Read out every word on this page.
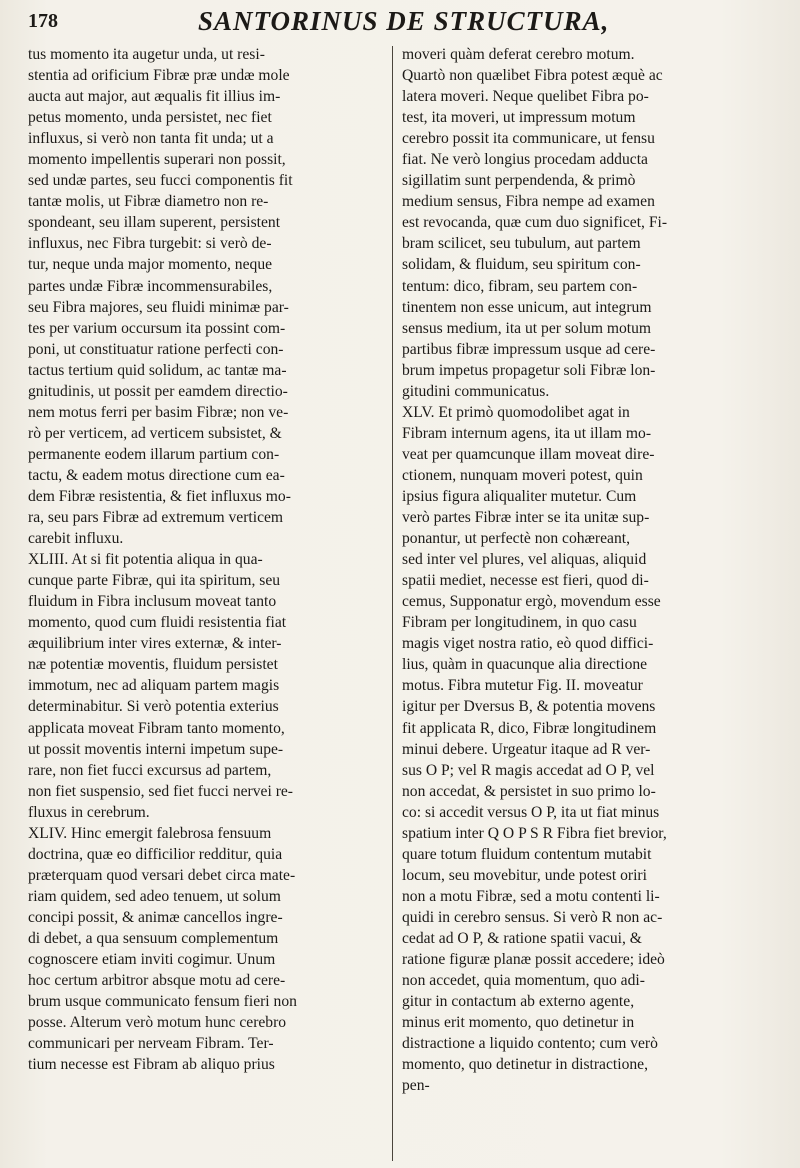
178	SANTORINUS DE STRUCTURA,
tus momento ita augetur unda, ut resi-
stentia ad orificium Fibræ præ undæ mole
aucta aut major, aut æqualis fit illius im-
petus momento, unda persistet, nec fiet
influxus, si verò non tanta fit unda; ut a
momento impellentis superari non possit,
sed undæ partes, seu fucci componentis fit
tantæ molis, ut Fibræ diametro non re-
spondeant, seu illam superent, persistent
influxus, nec Fibra turgebit: si verò de-
tur, neque unda major momento, neque
partes undæ Fibræ incommensurabiles,
seu Fibra majores, seu fluidi minimæ par-
tes per varium occursum ita possint com-
poni, ut constituatur ratione perfecti con-
tactus tertium quid solidum, ac tantæ ma-
gnitudinis, ut possit per eamdem directio-
nem motus ferri per basim Fibræ; non ve-
rò per verticem, ad verticem subsistet, &
permanente eodem illarum partium con-
tactu, & eadem motus directione cum ea-
dem Fibræ resistentia, & fiet influxus mo-
ra, seu pars Fibræ ad extremum verticem
carebit influxu.
XLIII. At si fit potentia aliqua in qua-
cunque parte Fibræ, qui ita spiritum, seu
fluidum in Fibra inclusum moveat tanto
momento, quod cum fluidi resistentia fiat
æquilibrium inter vires externæ, & inter-
næ potentiæ moventis, fluidum persistet
immotum, nec ad aliquam partem magis
determinabitur. Si verò potentia exterius
applicata moveat Fibram tanto momento,
ut possit moventis interni impetum supe-
rare, non fiet fucci excursus ad partem,
non fiet suspensio, sed fiet fucci nervei re-
fluxus in cerebrum.
XLIV. Hinc emergit falebrosa fensuum
doctrina, quæ eo difficilior redditur, quia
præterquam quod versari debet circa mate-
riam quidem, sed adeo tenuem, ut solum
concipi possit, & animæ cancellos ingre-
di debet, a qua sensuum complementum
cognoscere etiam inviti cogimur. Unum
hoc certum arbitror absque motu ad cere-
brum usque communicato fensum fieri non
posse. Alterum verò motum hunc cerebro
communicari per nerveam Fibram. Ter-
tium necesse est Fibram ab aliquo prius
moveri quàm deferat cerebro motum.
Quartò non quælibet Fibra potest æquè ac
latera moveri. Neque quelibet Fibra po-
test, ita moveri, ut impressum motum
cerebro possit ita communicare, ut fensu
fiat. Ne verò longius procedam adducta
sigillatim sunt perpendenda, & primò
medium sensus, Fibra nempe ad examen
est revocanda, quæ cum duo significet, Fi-
bram scilicet, seu tubulum, aut partem
solidam, & fluidum, seu spiritum con-
tentum: dico, fibram, seu partem con-
tinentem non esse unicum, aut integrum
sensus medium, ita ut per solum motum
partibus fibræ impressum usque ad cere-
brum impetus propagetur soli Fibræ lon-
gitudini communicatus.
XLV. Et primò quomodolibet agat in
Fibram internum agens, ita ut illam mo-
veat per quamcunque illam moveat dire-
ctionem, nunquam moveri potest, quin
ipsius figura aliqualiter mutetur. Cum
verò partes Fibræ inter se ita unitæ sup-
ponantur, ut perfectè non cohæreant,
sed inter vel plures, vel aliquas, aliquid
spatii mediet, necesse est fieri, quod di-
cemus, Supponatur ergò, movendum esse
Fibram per longitudinem, in quo casu
magis viget nostra ratio, eò quod diffici-
lius, quàm in quacunque alia directione
motus. Fibra mutetur Fig. II. moveatur
igitur per Dversus B, & potentia movens
fit applicata R, dico, Fibræ longitudinem
minui debere. Urgeatur itaque ad R ver-
sus O P; vel R magis accedat ad O P, vel
non accedat, & persistet in suo primo lo-
co: si accedit versus O P, ita ut fiat minus
spatium inter Q O P S R Fibra fiet brevior,
quare totum fluidum contentum mutabit
locum, seu movebitur, unde potest oriri
non a motu Fibræ, sed a motu contenti li-
quidi in cerebro sensus. Si verò R non ac-
cedat ad O P, & ratione spatii vacui, &
ratione figuræ planæ possit accedere; ideò
non accedet, quia momentum, quo adi-
gitur in contactum ab externo agente,
minus erit momento, quo detinetur in
distractione a liquido contento; cum verò
momento, quo detinetur in distractione,
pen-
